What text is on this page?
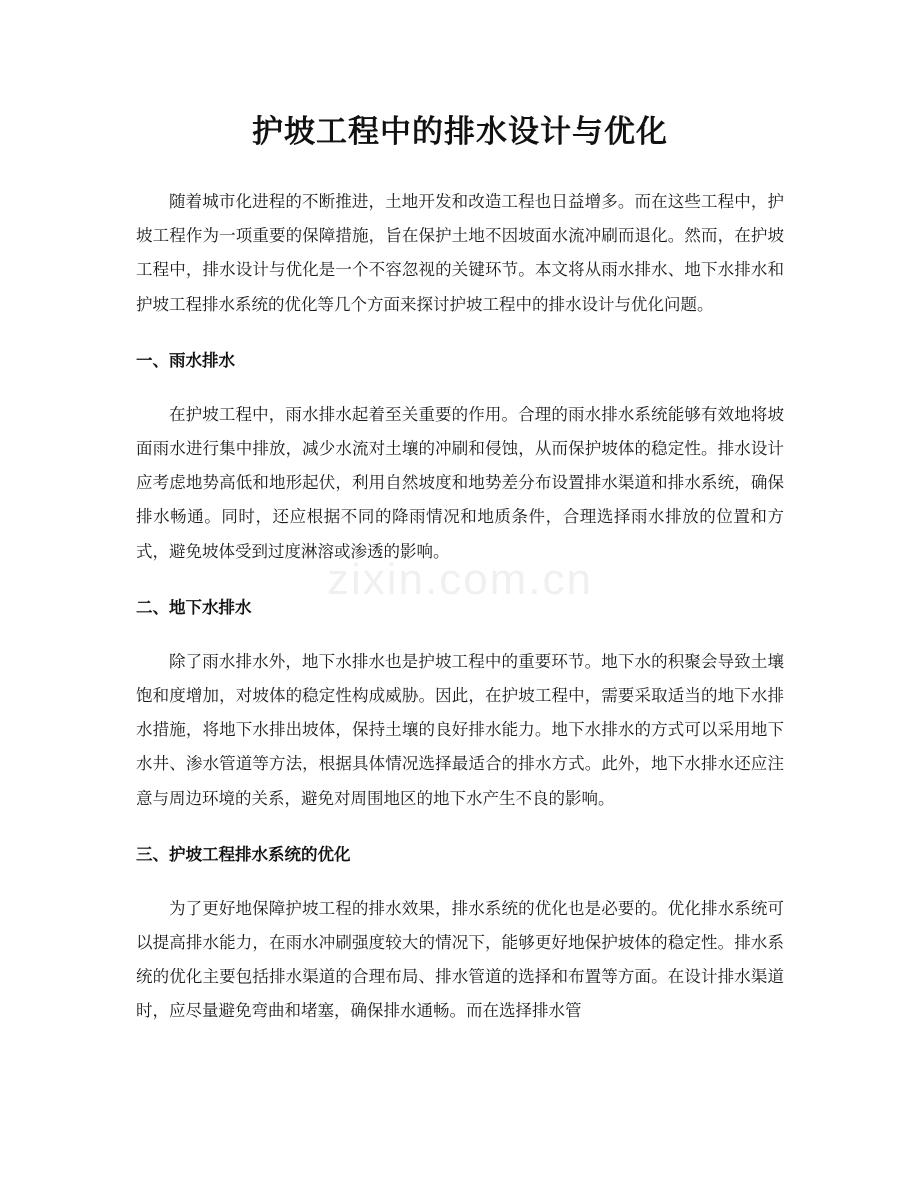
护坡工程中的排水设计与优化

随着城市化进程的不断推进，土地开发和改造工程也日益增多。而在这些工程中，护坡工程作为一项重要的保障措施，旨在保护土地不因坡面水流冲刷而退化。然而，在护坡工程中，排水设计与优化是一个不容忽视的关键环节。本文将从雨水排水、地下水排水和护坡工程排水系统的优化等几个方面来探讨护坡工程中的排水设计与优化问题。

一、雨水排水

在护坡工程中，雨水排水起着至关重要的作用。合理的雨水排水系统能够有效地将坡面雨水进行集中排放，减少水流对土壤的冲刷和侵蚀，从而保护坡体的稳定性。排水设计应考虑地势高低和地形起伏，利用自然坡度和地势差分布设置排水渠道和排水系统，确保排水畅通。同时，还应根据不同的降雨情况和地质条件，合理选择雨水排放的位置和方式，避免坡体受到过度淋溶或渗透的影响。

二、地下水排水

除了雨水排水外，地下水排水也是护坡工程中的重要环节。地下水的积聚会导致土壤饱和度增加，对坡体的稳定性构成威胁。因此，在护坡工程中，需要采取适当的地下水排水措施，将地下水排出坡体，保持土壤的良好排水能力。地下水排水的方式可以采用地下水井、渗水管道等方法，根据具体情况选择最适合的排水方式。此外，地下水排水还应注意与周边环境的关系，避免对周围地区的地下水产生不良的影响。

三、护坡工程排水系统的优化

为了更好地保障护坡工程的排水效果，排水系统的优化也是必要的。优化排水系统可以提高排水能力，在雨水冲刷强度较大的情况下，能够更好地保护坡体的稳定性。排水系统的优化主要包括排水渠道的合理布局、排水管道的选择和布置等方面。在设计排水渠道时，应尽量避免弯曲和堵塞，确保排水通畅。而在选择排水管

zixin.com.cn
